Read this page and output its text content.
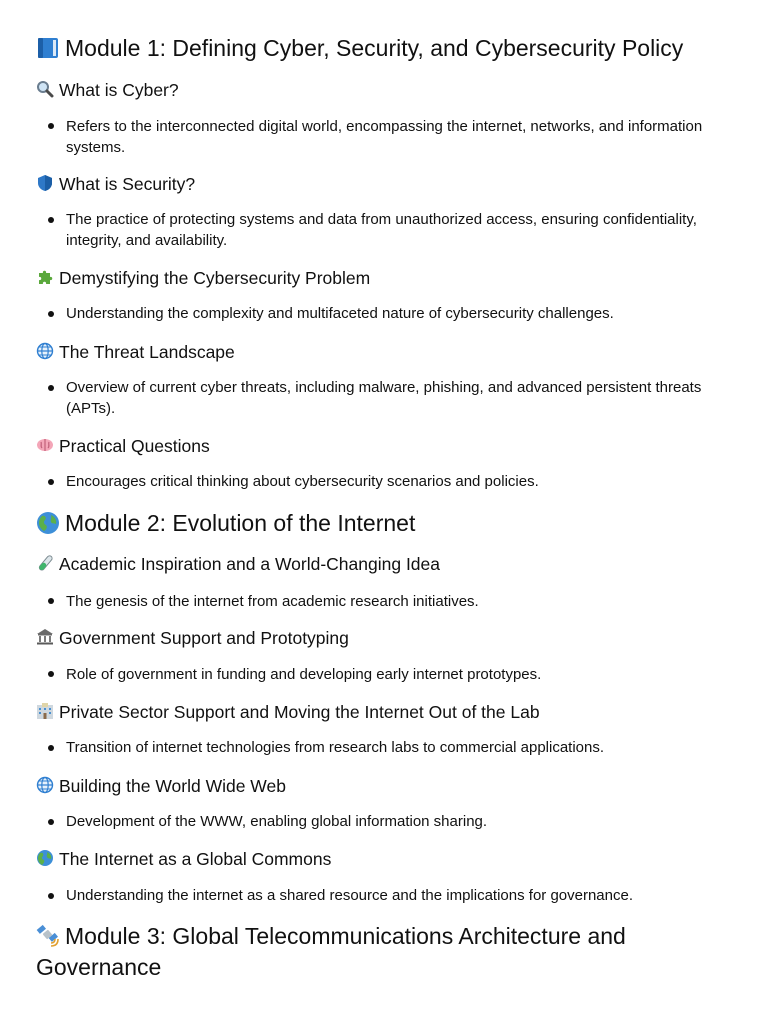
Module 1: Defining Cyber, Security, and Cybersecurity Policy
What is Cyber?
Refers to the interconnected digital world, encompassing the internet, networks, and information systems.
What is Security?
The practice of protecting systems and data from unauthorized access, ensuring confidentiality, integrity, and availability.
Demystifying the Cybersecurity Problem
Understanding the complexity and multifaceted nature of cybersecurity challenges.
The Threat Landscape
Overview of current cyber threats, including malware, phishing, and advanced persistent threats (APTs).
Practical Questions
Encourages critical thinking about cybersecurity scenarios and policies.
Module 2: Evolution of the Internet
Academic Inspiration and a World-Changing Idea
The genesis of the internet from academic research initiatives.
Government Support and Prototyping
Role of government in funding and developing early internet prototypes.
Private Sector Support and Moving the Internet Out of the Lab
Transition of internet technologies from research labs to commercial applications.
Building the World Wide Web
Development of the WWW, enabling global information sharing.
The Internet as a Global Commons
Understanding the internet as a shared resource and the implications for governance.
Module 3: Global Telecommunications Architecture and
Governance
